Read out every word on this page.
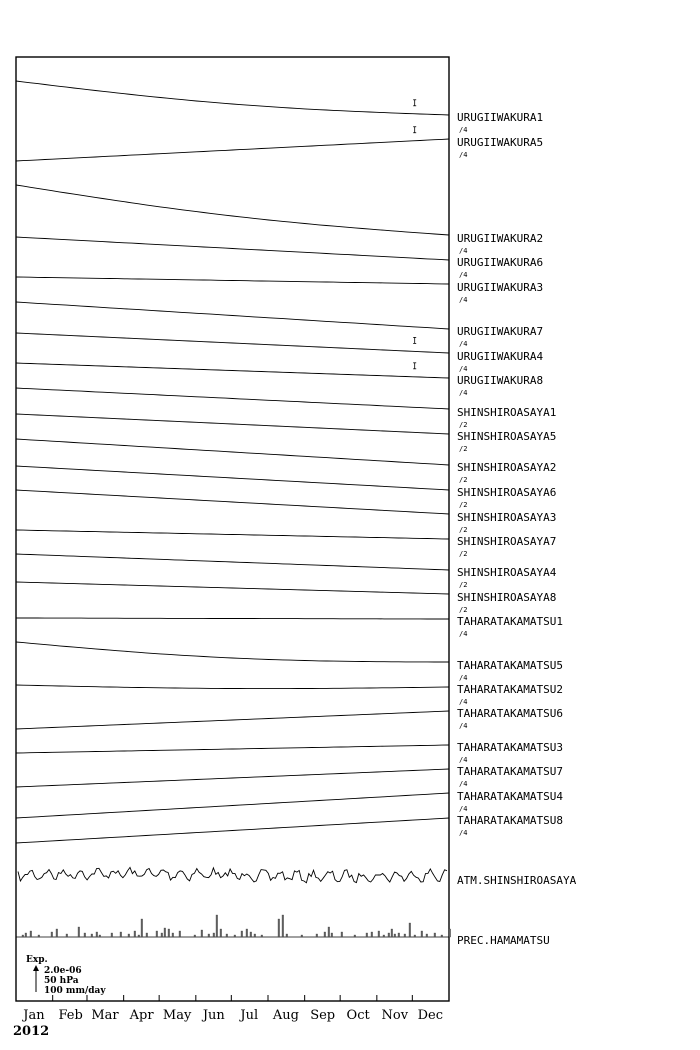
URUGIIWAKURA1
/4
URUGIIWAKURA5
/4
URUGIIWAKURA2
/4
URUGIIWAKURA6
/4
URUGIIWAKURA3
/4
URUGIIWAKURA7
/4
URUGIIWAKURA4
/4
URUGIIWAKURA8
/4
SHINSHIROASAYA1
/2
SHINSHIROASAYA5
/2
SHINSHIROASAYA2
/2
SHINSHIROASAYA6
/2
SHINSHIROASAYA3
/2
SHINSHIROASAYA7
/2
SHINSHIROASAYA4
/2
SHINSHIROASAYA8
/2
TAHARATAKAMATSU1
/4
TAHARATAKAMATSU5
/4
TAHARATAKAMATSU2
/4
TAHARATAKAMATSU6
/4
TAHARATAKAMATSU3
/4
TAHARATAKAMATSU7
/4
TAHARATAKAMATSU4
/4
TAHARATAKAMATSU8
/4
ATM.SHINSHIROASAYA
PREC.HAMAMATSU
Jan Feb Mar Apr May Jun Jul Aug Sep Oct Nov Dec
Exp.
2.0e-06
50 hPa
100 mm/day
2012
